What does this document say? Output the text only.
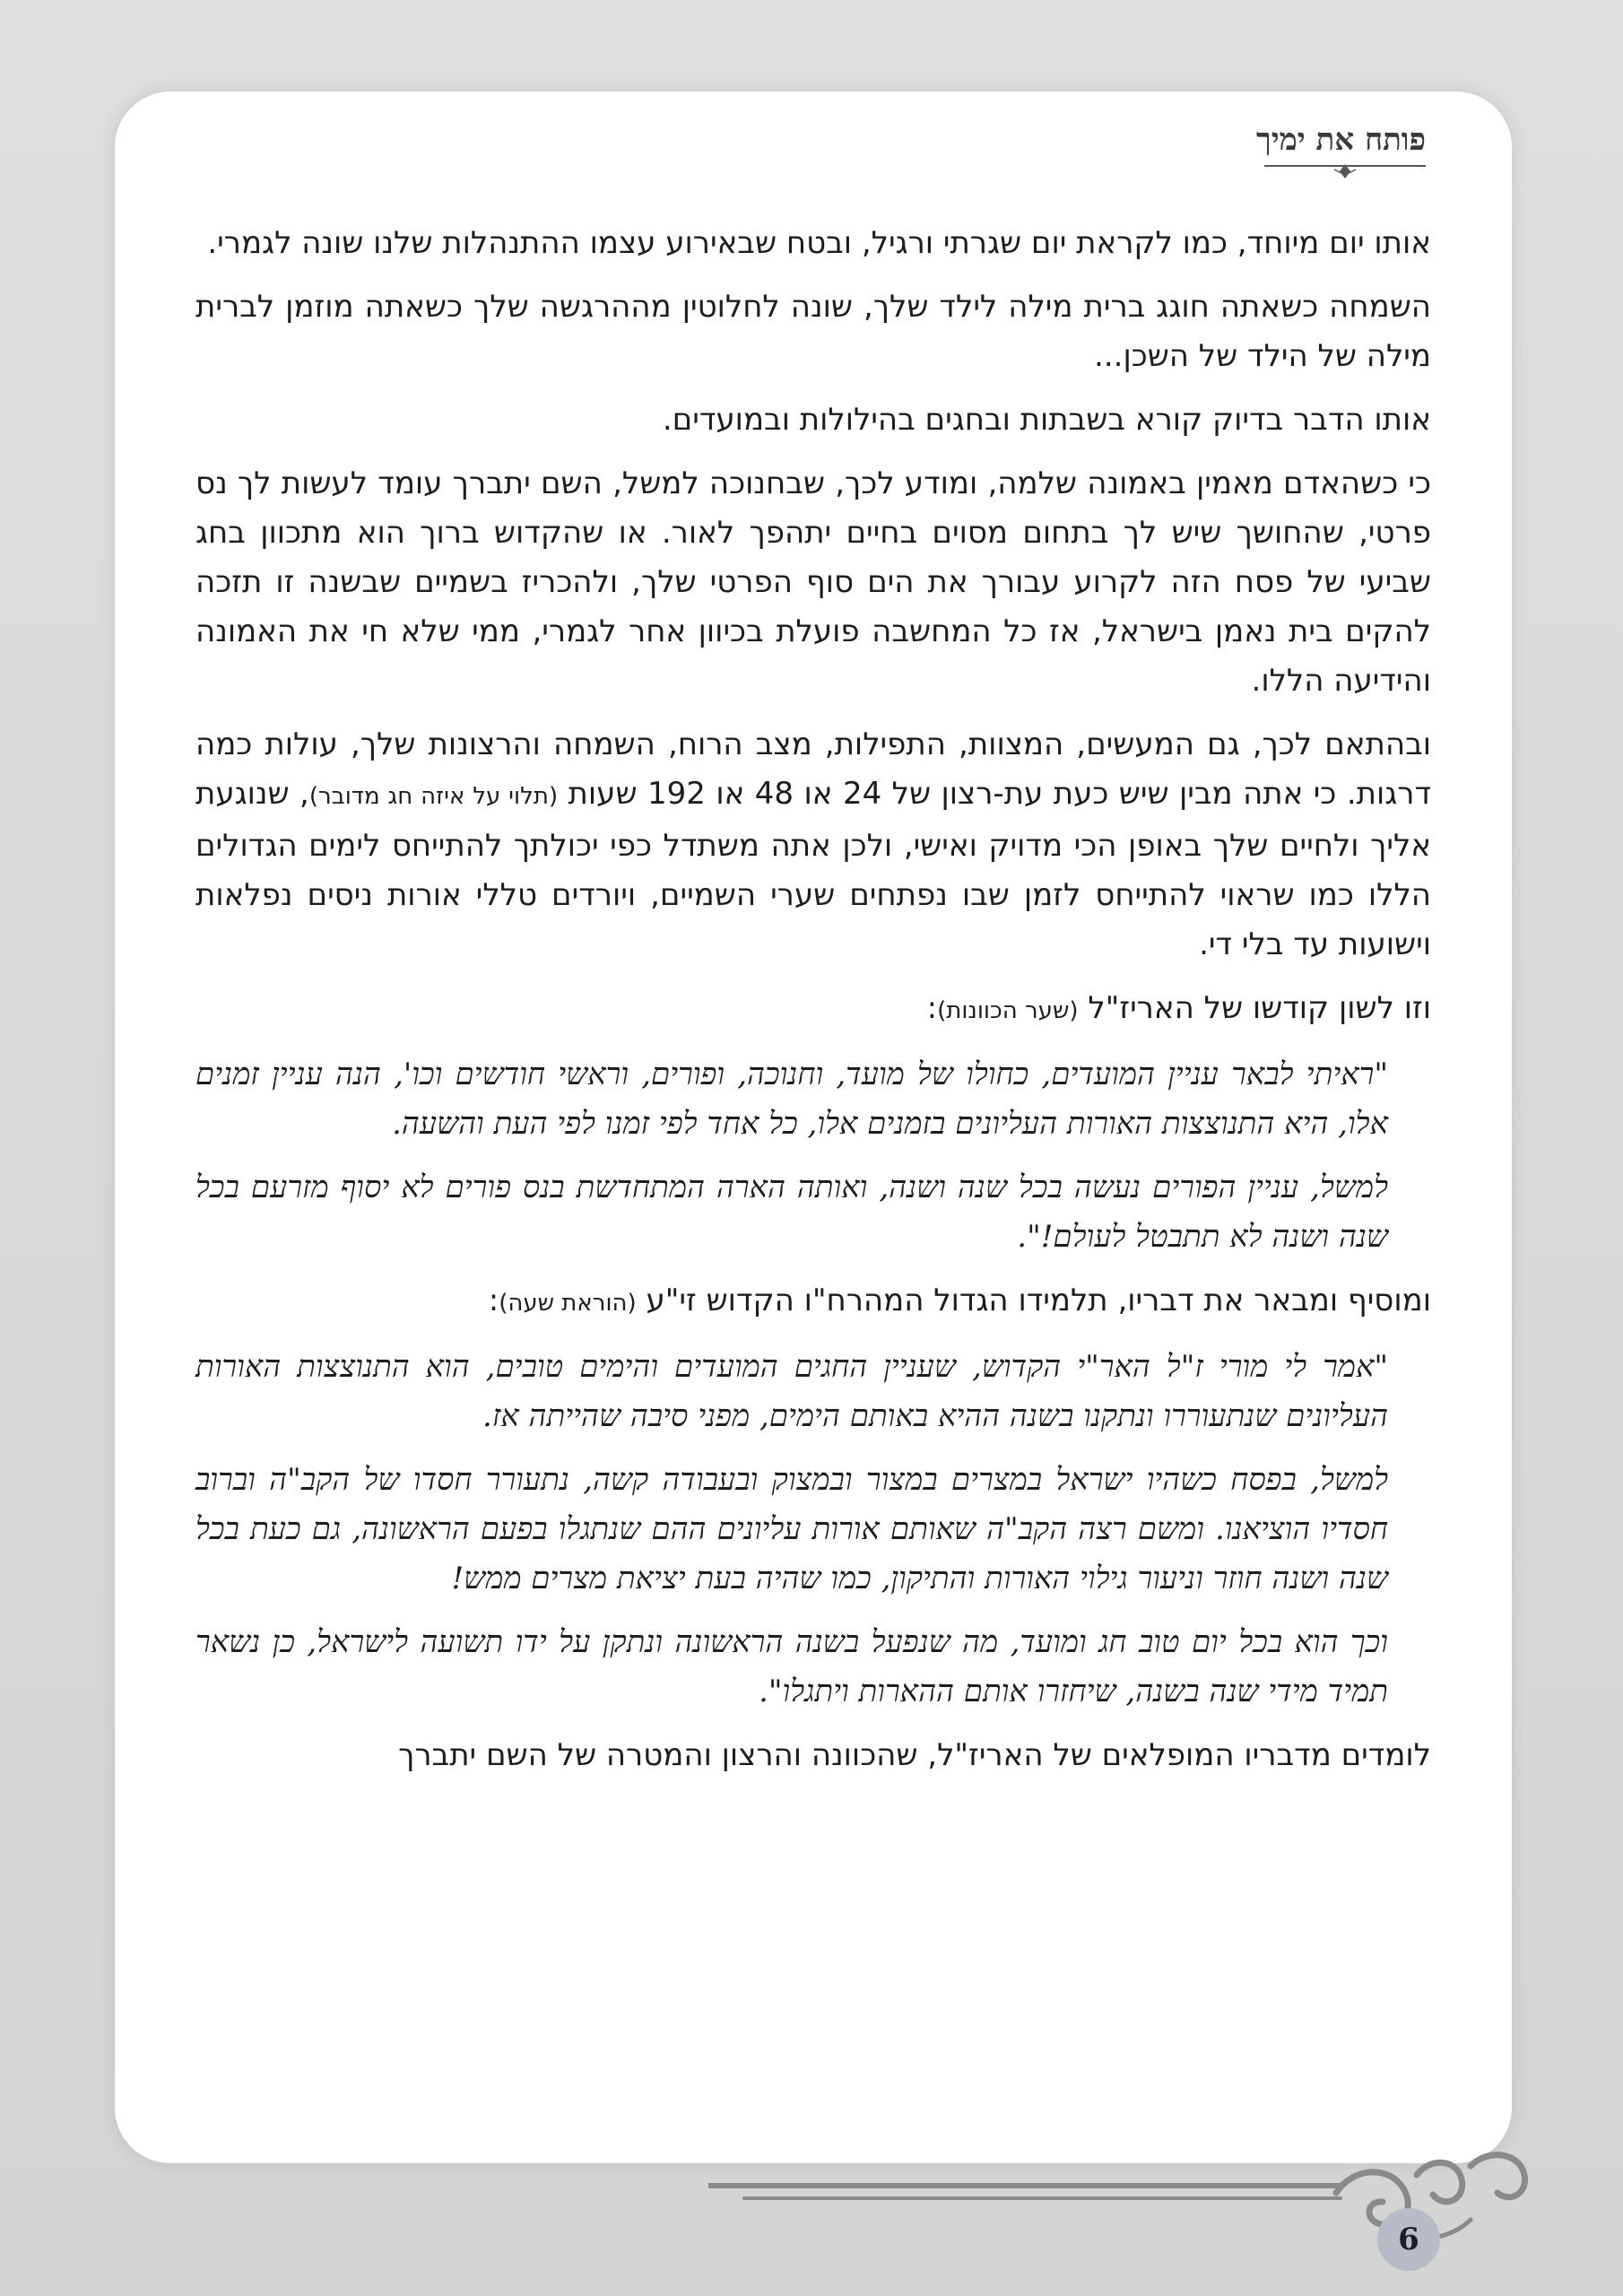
פותח את ימיך

אותו יום מיוחד, כמו לקראת יום שגרתי ורגיל, ובטח שבאירוע עצמו ההתנהלות שלנו שונה לגמרי.

השמחה כשאתה חוגג ברית מילה לילד שלך, שונה לחלוטין מההרגשה שלך כשאתה מוזמן לברית מילה של הילד של השכן...

אותו הדבר בדיוק קורא בשבתות ובחגים בהילולות ובמועדים.

כי כשהאדם מאמין באמונה שלמה, ומודע לכך, שבחנוכה למשל, השם יתברך עומד לעשות לך נס פרטי, שהחושך שיש לך בתחום מסוים בחיים יתהפך לאור. או שהקדוש ברוך הוא מתכוון בחג שביעי של פסח הזה לקרוע עבורך את הים סוף הפרטי שלך, ולהכריז בשמיים שבשנה זו תזכה להקים בית נאמן בישראל, אז כל המחשבה פועלת בכיוון אחר לגמרי, ממי שלא חי את האמונה והידיעה הללו.

ובהתאם לכך, גם המעשים, המצוות, התפילות, מצב הרוח, השמחה והרצונות שלך, עולות כמה דרגות. כי אתה מבין שיש כעת עת-רצון של 24 או 48 או 192 שעות (תלוי על איזה חג מדובר), שנוגעת אליך ולחיים שלך באופן הכי מדויק ואישי, ולכן אתה משתדל כפי יכולתך להתייחס לימים הגדולים הללו כמו שראוי להתייחס לזמן שבו נפתחים שערי השמיים, ויורדים טללי אורות ניסים נפלאות וישועות עד בלי די.

וזו לשון קודשו של האריז"ל (שער הכוונות):

"ראיתי לבאר עניין המועדים, כחולו של מועד, וחנוכה, ופורים, וראשי חודשים וכו', הנה עניין זמנים אלו, היא התנוצצות האורות העליונים בזמנים אלו, כל אחד לפי זמנו לפי העת והשעה.

למשל, עניין הפורים נעשה בכל שנה ושנה, ואותה הארה המתחדשת בנס פורים לא יסוף מזרעם בכל שנה ושנה לא תתבטל לעולם!".

ומוסיף ומבאר את דבריו, תלמידו הגדול המהרח"ו הקדוש זי"ע (הוראת שעה):

"אמר לי מורי ז"ל האר"י הקדוש, שעניין החגים המועדים והימים טובים, הוא התנוצצות האורות העליונים שנתעוררו ונתקנו בשנה ההיא באותם הימים, מפני סיבה שהייתה אז.

למשל, בפסח כשהיו ישראל במצרים במצור ובמצוק ובעבודה קשה, נתעורר חסדו של הקב"ה וברוב חסדיו הוציאנו. ומשם רצה הקב"ה שאותם אורות עליונים ההם שנתגלו בפעם הראשונה, גם כעת בכל שנה ושנה חוזר וניעור גילוי האורות והתיקון, כמו שהיה בעת יציאת מצרים ממש!

וכך הוא בכל יום טוב חג ומועד, מה שנפעל בשנה הראשונה ונתקן על ידו תשועה לישראל, כן נשאר תמיד מידי שנה בשנה, שיחזרו אותם ההארות ויתגלו".

לומדים מדבריו המופלאים של האריז"ל, שהכוונה והרצון והמטרה של השם יתברך

6
